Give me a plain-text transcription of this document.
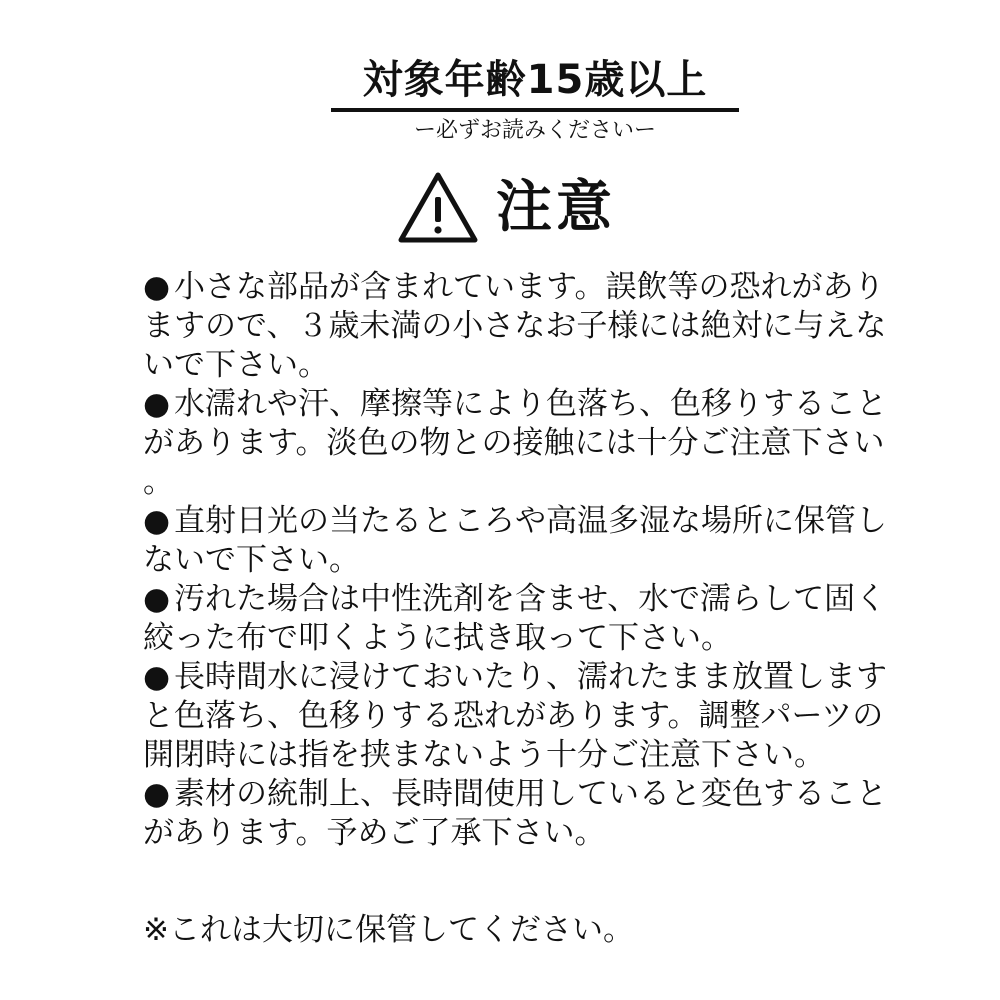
対象年齢15歳以上
ー必ずお読みくださいー
注意

● 小さな部品が含まれています。誤飲等の恐れがありますので、３歳未満の小さなお子様には絶対に与えないで下さい。

● 水濡れや汗、摩擦等により色落ち、色移りすることがあります。淡色の物との接触には十分ご注意下さい。

● 直射日光の当たるところや高温多湿な場所に保管しないで下さい。

● 汚れた場合は中性洗剤を含ませ、水で濡らして固く絞った布で叩くように拭き取って下さい。

● 長時間水に浸けておいたり、濡れたまま放置しますと色落ち、色移りする恐れがあります。調整パーツの開閉時には指を挟まないよう十分ご注意下さい。

● 素材の統制上、長時間使用していると変色することがあります。予めご了承下さい。

※これは大切に保管してください。
